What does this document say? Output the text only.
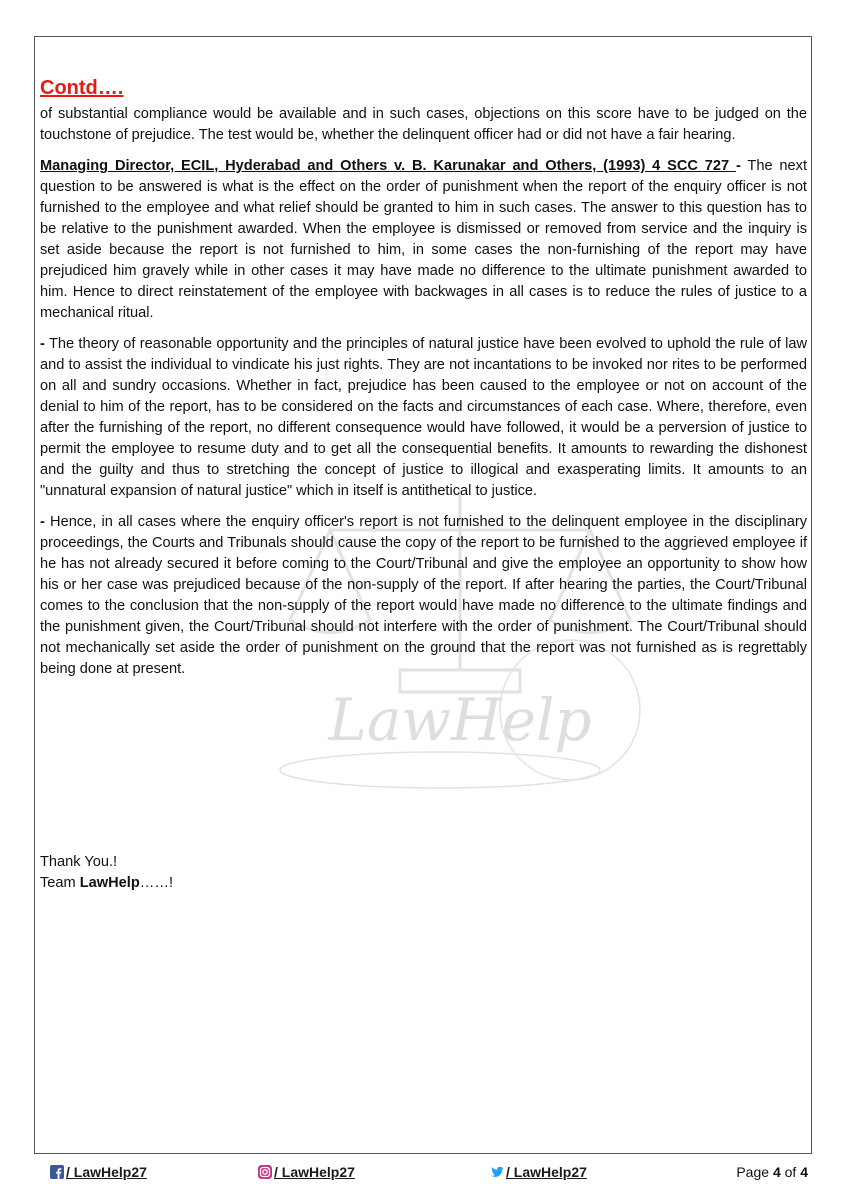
LawHelp
Contd….

of substantial compliance would be available and in such cases, objections on this score have to be judged on the touchstone of prejudice. The test would be, whether the delinquent officer had or did not have a fair hearing.

Managing Director, ECIL, Hyderabad and Others v. B. Karunakar and Others, (1993) 4 SCC 727 - The next question to be answered is what is the effect on the order of punishment when the report of the enquiry officer is not furnished to the employee and what relief should be granted to him in such cases. The answer to this question has to be relative to the punishment awarded. When the employee is dismissed or removed from service and the inquiry is set aside because the report is not furnished to him, in some cases the non-furnishing of the report may have prejudiced him gravely while in other cases it may have made no difference to the ultimate punishment awarded to him. Hence to direct reinstatement of the employee with backwages in all cases is to reduce the rules of justice to a mechanical ritual.

- The theory of reasonable opportunity and the principles of natural justice have been evolved to uphold the rule of law and to assist the individual to vindicate his just rights. They are not incantations to be invoked nor rites to be performed on all and sundry occasions. Whether in fact, prejudice has been caused to the employee or not on account of the denial to him of the report, has to be considered on the facts and circumstances of each case. Where, therefore, even after the furnishing of the report, no different consequence would have followed, it would be a perversion of justice to permit the employee to resume duty and to get all the consequential benefits. It amounts to rewarding the dishonest and the guilty and thus to stretching the concept of justice to illogical and exasperating limits. It amounts to an "unnatural expansion of natural justice" which in itself is antithetical to justice.

- Hence, in all cases where the enquiry officer's report is not furnished to the delinquent employee in the disciplinary proceedings, the Courts and Tribunals should cause the copy of the report to be furnished to the aggrieved employee if he has not already secured it before coming to the Court/Tribunal and give the employee an opportunity to show how his or her case was prejudiced because of the non-supply of the report. If after hearing the parties, the Court/Tribunal comes to the conclusion that the non-supply of the report would have made no difference to the ultimate findings and the punishment given, the Court/Tribunal should not interfere with the order of punishment. The Court/Tribunal should not mechanically set aside the order of punishment on the ground that the report was not furnished as is regrettably being done at present.

Thank You.!
Team LawHelp……!
/ LawHelp27	/ LawHelp27	/ LawHelp27	Page 4 of 4
